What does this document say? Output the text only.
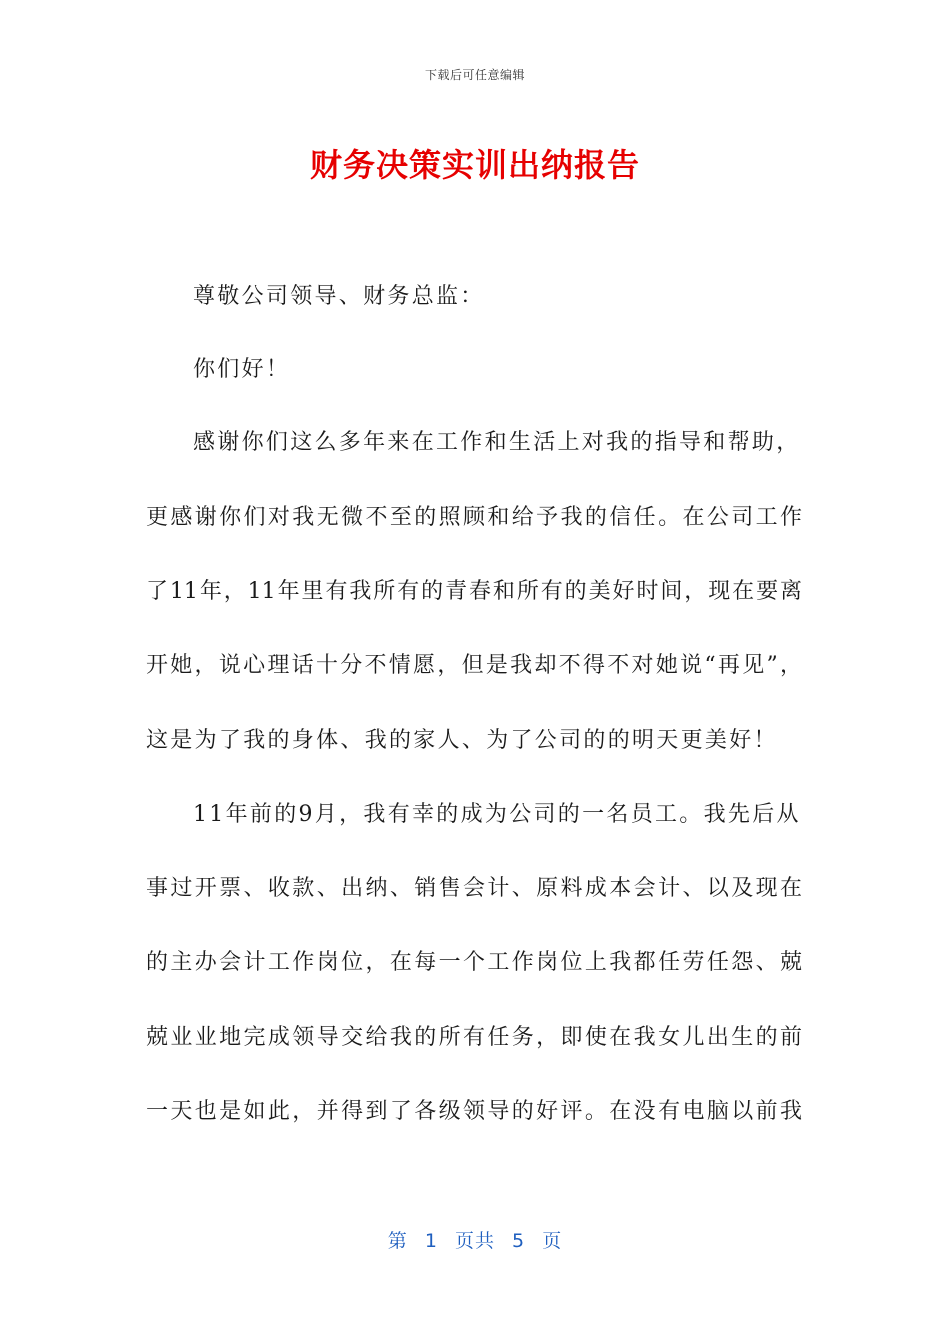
下载后可任意编辑
财务决策实训出纳报告
尊敬公司领导、财务总监：
你们好！
感谢你们这么多年来在工作和生活上对我的指导和帮助，
更感谢你们对我无微不至的照顾和给予我的信任。在公司工作
了11年，11年里有我所有的青春和所有的美好时间，现在要离
开她，说心理话十分不情愿，但是我却不得不对她说“再见”，
这是为了我的身体、我的家人、为了公司的的明天更美好！
11年前的9月，我有幸的成为公司的一名员工。我先后从
事过开票、收款、出纳、销售会计、原料成本会计、以及现在
的主办会计工作岗位，在每一个工作岗位上我都任劳任怨、兢
兢业业地完成领导交给我的所有任务，即使在我女儿出生的前
一天也是如此，并得到了各级领导的好评。在没有电脑以前我
第 1 页共 5 页
